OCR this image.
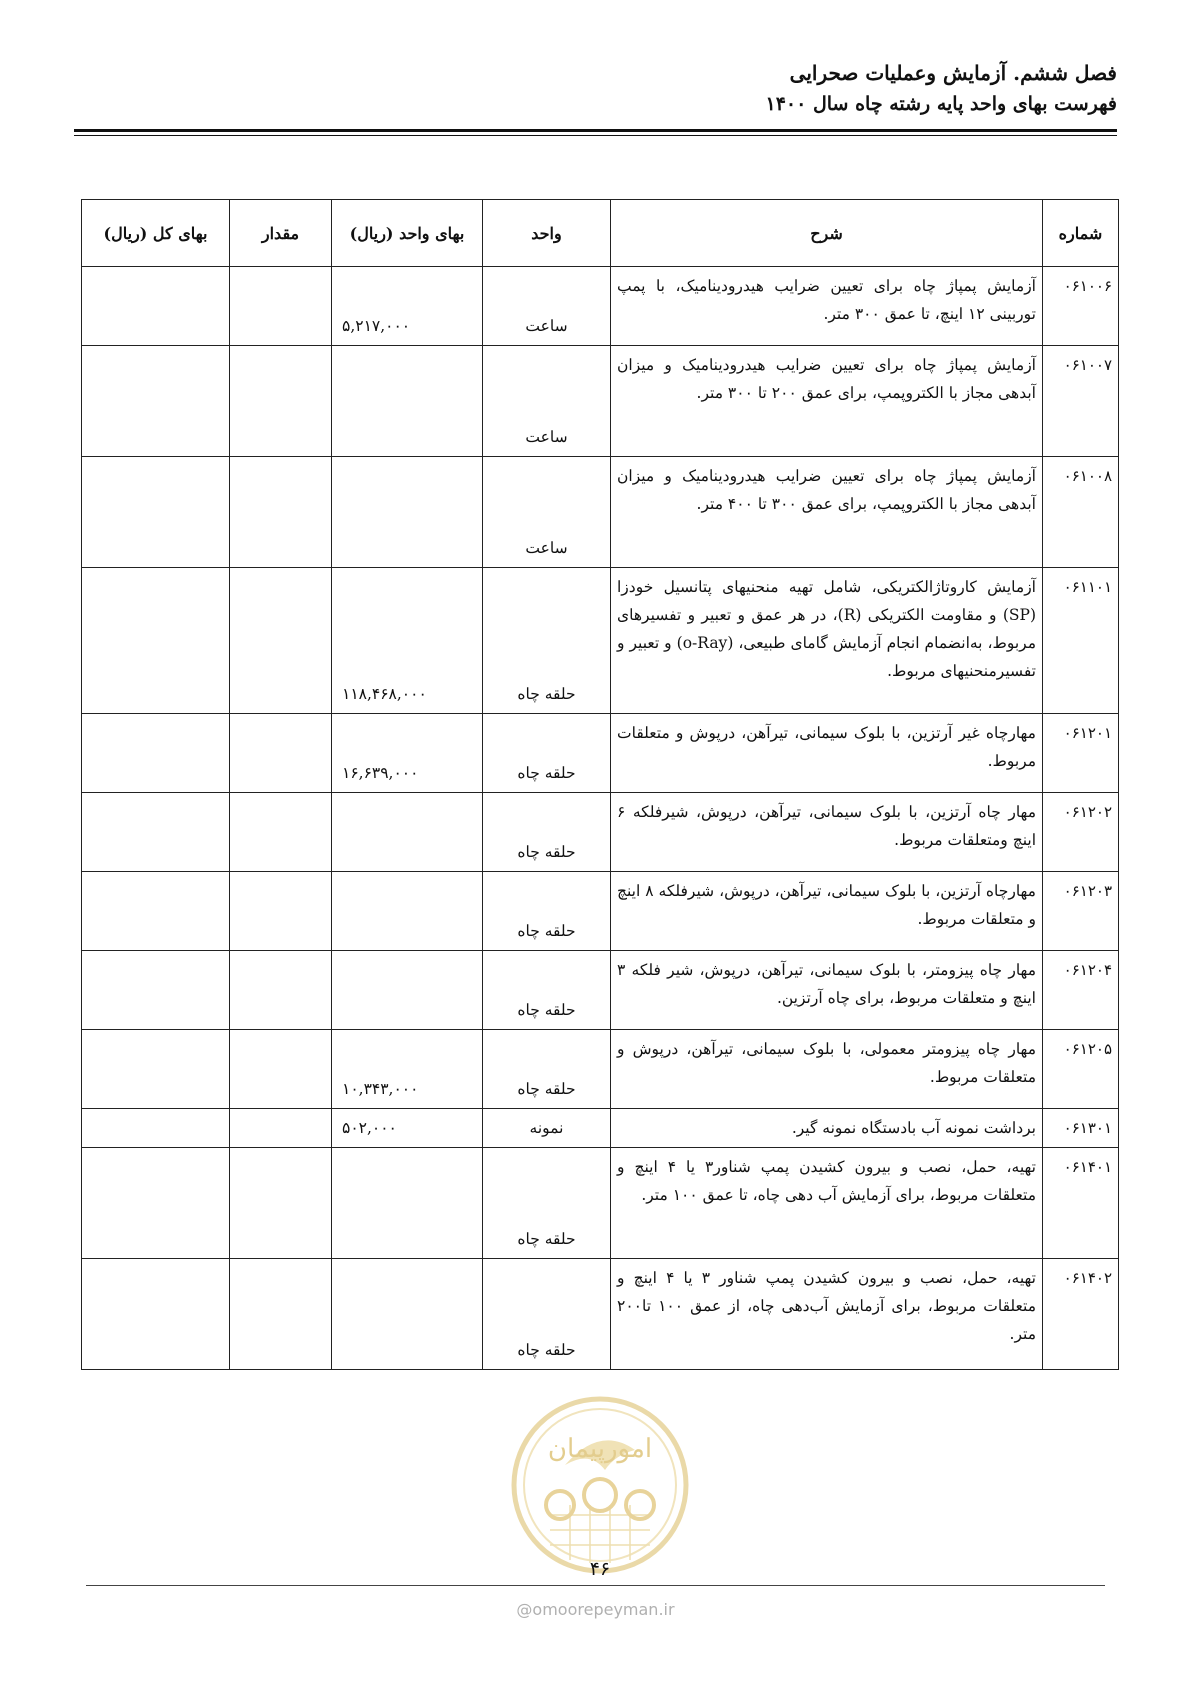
فصل ششم. آزمایش وعملیات صحرایی
فهرست بهای واحد پایه رشته چاه سال ۱۴۰۰
شماره	شرح	واحد	بهای واحد (ریال)	مقدار	بهای کل (ریال)
۰۶۱۰۰۶	آزمایش پمپاژ چاه برای تعیین ضرایب هیدرودینامیک، با پمپ توربینی ۱۲ اینچ، تا عمق ۳۰۰ متر.	ساعت	۵,۲۱۷,۰۰۰		
۰۶۱۰۰۷	آزمایش پمپاژ چاه برای تعیین ضرایب هیدرودینامیک و میزان آبدهی مجاز با الکتروپمپ، برای عمق ۲۰۰ تا ۳۰۰ متر.	ساعت			
۰۶۱۰۰۸	آزمایش پمپاژ چاه برای تعیین ضرایب هیدرودینامیک و میزان آبدهی مجاز با الکتروپمپ، برای عمق ۳۰۰ تا ۴۰۰ متر.	ساعت			
۰۶۱۱۰۱	آزمایش کاروتاژالکتریکی، شامل تهیه منحنیهای پتانسیل خودزا (SP) و مقاومت الکتریکی (R)، در هر عمق و تعبیر و تفسیرهای مربوط، به‌انضمام انجام آزمایش گامای طبیعی، (o-Ray) و تعبیر و تفسیرمنحنیهای مربوط.	حلقه چاه	۱۱۸,۴۶۸,۰۰۰		
۰۶۱۲۰۱	مهارچاه غیر آرتزین، با بلوک سیمانی، تیرآهن، درپوش و متعلقات مربوط.	حلقه چاه	۱۶,۶۳۹,۰۰۰		
۰۶۱۲۰۲	مهار چاه آرتزین، با بلوک سیمانی، تیرآهن، درپوش، شیرفلکه ۶ اینچ ومتعلقات مربوط.	حلقه چاه			
۰۶۱۲۰۳	مهارچاه آرتزین، با بلوک سیمانی، تیرآهن، درپوش، شیرفلکه ۸ اینچ و متعلقات مربوط.	حلقه چاه			
۰۶۱۲۰۴	مهار چاه پیزومتر، با بلوک سیمانی، تیرآهن، درپوش، شیر فلکه ۳ اینچ و متعلقات مربوط، برای چاه آرتزین.	حلقه چاه			
۰۶۱۲۰۵	مهار چاه پیزومتر معمولی، با بلوک سیمانی، تیرآهن، درپوش و متعلقات مربوط.	حلقه چاه	۱۰,۳۴۳,۰۰۰		
۰۶۱۳۰۱	برداشت نمونه آب بادستگاه نمونه گیر.	نمونه	۵۰۲,۰۰۰		
۰۶۱۴۰۱	تهیه، حمل، نصب و بیرون کشیدن پمپ شناور۳ یا ۴ اینچ و متعلقات مربوط، برای آزمایش آب دهی چاه، تا عمق ۱۰۰ متر.	حلقه چاه			
۰۶۱۴۰۲	تهیه، حمل، نصب و بیرون کشیدن پمپ شناور ۳ یا ۴ اینچ و متعلقات مربوط، برای آزمایش آب‌دهی چاه، از عمق ۱۰۰ تا۲۰۰ متر.	حلقه چاه			
امورپیمان
۴۶
@omoorepeyman.ir
